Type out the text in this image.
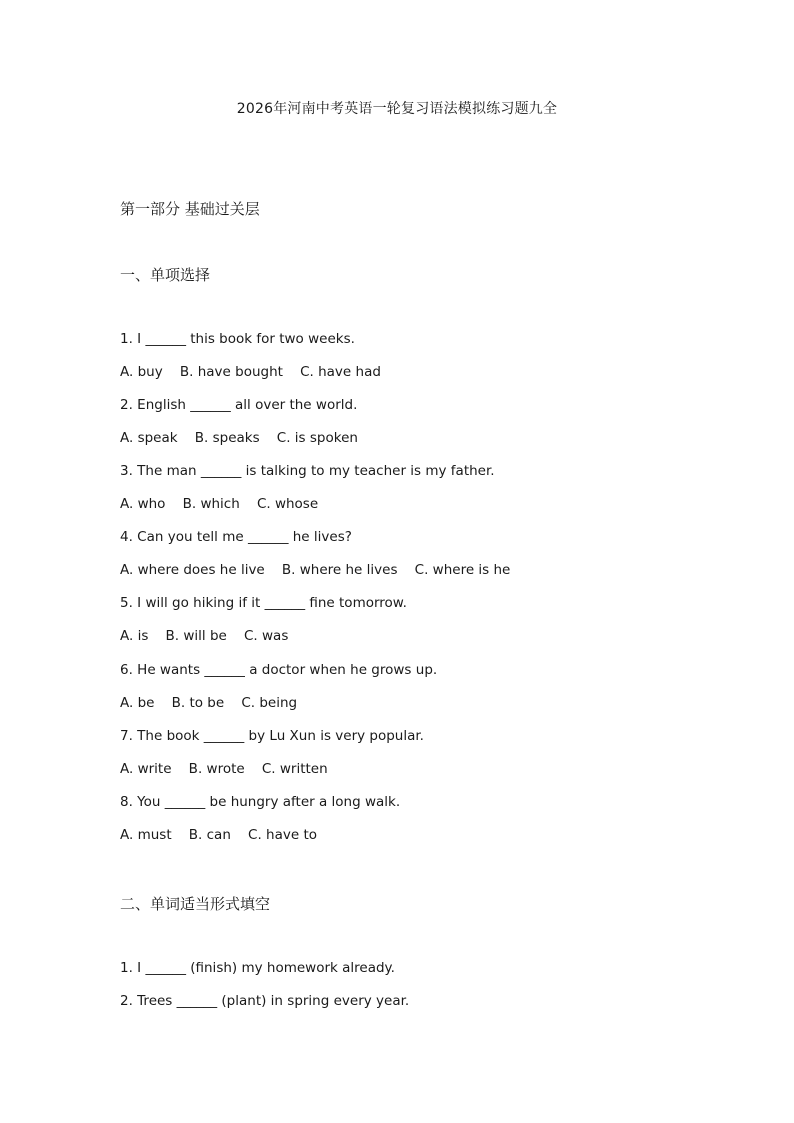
2026年河南中考英语一轮复习语法模拟练习题九全
第一部分 基础过关层
一、单项选择
1. I ______ this book for two weeks.
A. buy    B. have bought    C. have had
2. English ______ all over the world.
A. speak    B. speaks    C. is spoken
3. The man ______ is talking to my teacher is my father.
A. who    B. which    C. whose
4. Can you tell me ______ he lives?
A. where does he live    B. where he lives    C. where is he
5. I will go hiking if it ______ fine tomorrow.
A. is    B. will be    C. was
6. He wants ______ a doctor when he grows up.
A. be    B. to be    C. being
7. The book ______ by Lu Xun is very popular.
A. write    B. wrote    C. written
8. You ______ be hungry after a long walk.
A. must    B. can    C. have to
二、单词适当形式填空
1. I ______ (finish) my homework already.
2. Trees ______ (plant) in spring every year.
